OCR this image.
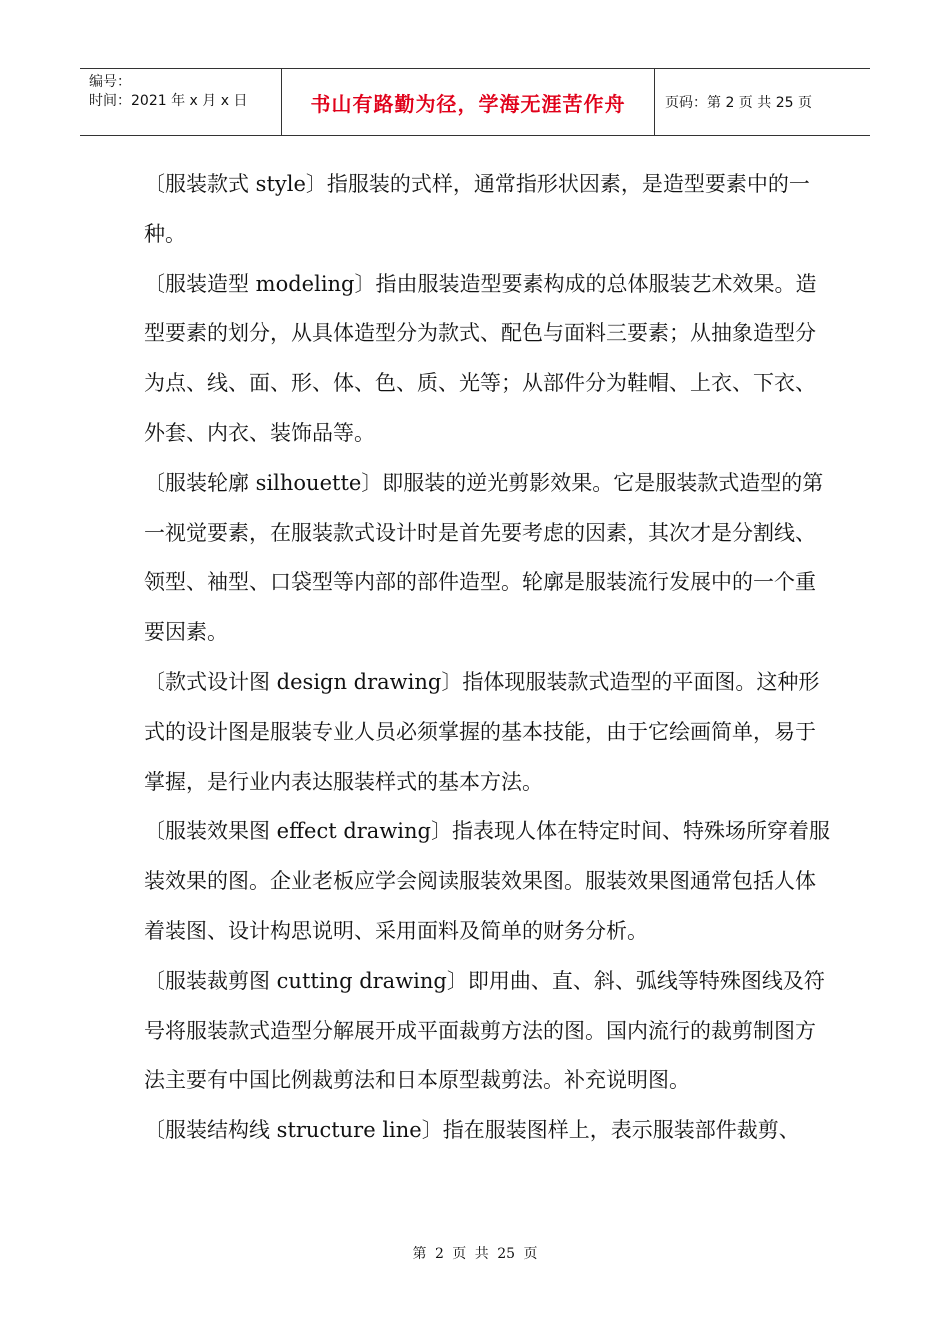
编号：
时间：2021 年 x 月 x 日	书山有路勤为径，学海无涯苦作舟	页码：第 2 页 共 25 页

〔服装款式 style〕指服装的式样，通常指形状因素，是造型要素中的一种。

〔服装造型 modeling〕指由服装造型要素构成的总体服装艺术效果。造型要素的划分，从具体造型分为款式、配色与面料三要素；从抽象造型分为点、线、面、形、体、色、质、光等；从部件分为鞋帽、上衣、下衣、外套、内衣、装饰品等。

〔服装轮廓 silhouette〕即服装的逆光剪影效果。它是服装款式造型的第一视觉要素，在服装款式设计时是首先要考虑的因素，其次才是分割线、领型、袖型、口袋型等内部的部件造型。轮廓是服装流行发展中的一个重要因素。

〔款式设计图 design drawing〕指体现服装款式造型的平面图。这种形式的设计图是服装专业人员必须掌握的基本技能，由于它绘画简单，易于掌握，是行业内表达服装样式的基本方法。

〔服装效果图 effect drawing〕指表现人体在特定时间、特殊场所穿着服装效果的图。企业老板应学会阅读服装效果图。服装效果图通常包括人体着装图、设计构思说明、采用面料及简单的财务分析。

〔服装裁剪图 cutting drawing〕即用曲、直、斜、弧线等特殊图线及符号将服装款式造型分解展开成平面裁剪方法的图。国内流行的裁剪制图方法主要有中国比例裁剪法和日本原型裁剪法。补充说明图。

〔服装结构线 structure line〕指在服装图样上，表示服装部件裁剪、

第 2 页 共 25 页
